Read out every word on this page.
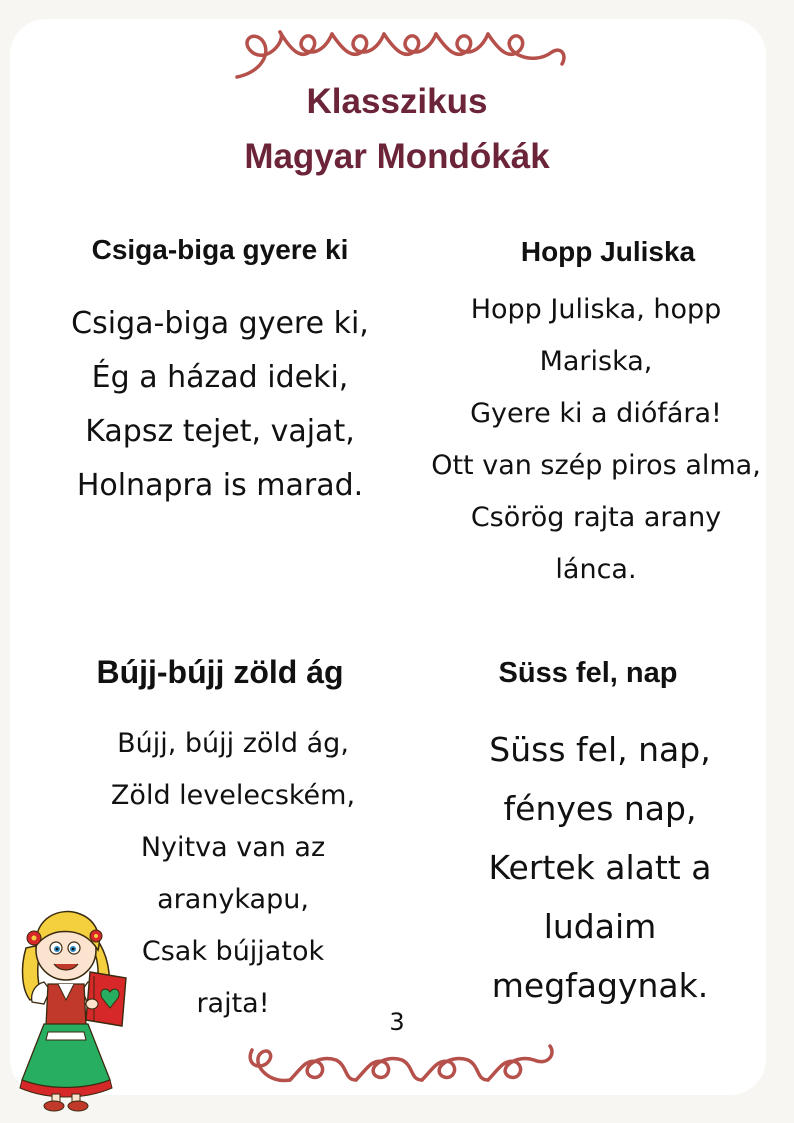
Klasszikus
Magyar Mondókák
Csiga-biga gyere ki
Csiga-biga gyere ki,
Ég a házad ideki,
Kapsz tejet, vajat,
Holnapra is marad.
Hopp Juliska
Hopp Juliska, hopp
Mariska,
Gyere ki a diófára!
Ott van szép piros alma,
Csörög rajta arany
lánca.
Bújj-bújj zöld ág
Bújj, bújj zöld ág,
Zöld levelecském,
Nyitva van az
aranykapu,
Csak bújjatok
rajta!
Süss fel, nap
Süss fel, nap,
fényes nap,
Kertek alatt a
ludaim
megfagynak.
3
